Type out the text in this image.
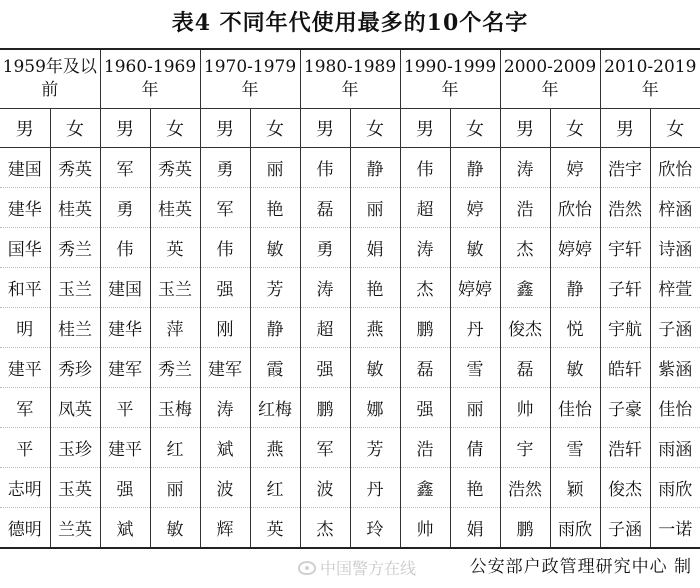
表4 不同年代使用最多的10个名字
1959年及以前		1960-1969年		1970-1979年		1980-1989年		1990-1999年		2000-2009年		2010-2019年	
男	女	男	女	男	女	男	女	男	女	男	女	男	女
建国	秀英	军	秀英	勇	丽	伟	静	伟	静	涛	婷	浩宇	欣怡
建华	桂英	勇	桂英	军	艳	磊	丽	超	婷	浩	欣怡	浩然	梓涵
国华	秀兰	伟	英	伟	敏	勇	娟	涛	敏	杰	婷婷	宇轩	诗涵
和平	玉兰	建国	玉兰	强	芳	涛	艳	杰	婷婷	鑫	静	子轩	梓萱
明	桂兰	建华	萍	刚	静	超	燕	鹏	丹	俊杰	悦	宇航	子涵
建平	秀珍	建军	秀兰	建军	霞	强	敏	磊	雪	磊	敏	皓轩	紫涵
军	凤英	平	玉梅	涛	红梅	鹏	娜	强	丽	帅	佳怡	子豪	佳怡
平	玉珍	建平	红	斌	燕	军	芳	浩	倩	宇	雪	浩轩	雨涵
志明	玉英	强	丽	波	红	波	丹	鑫	艳	浩然	颖	俊杰	雨欣
德明	兰英	斌	敏	辉	英	杰	玲	帅	娟	鹏	雨欣	子涵	一诺
中国警方在线	公安部户政管理研究中心 制
